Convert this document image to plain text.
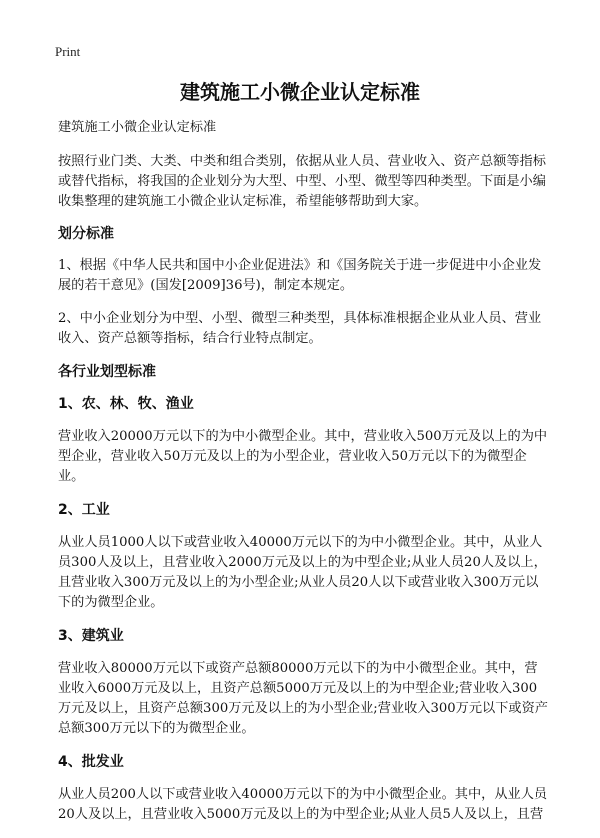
Print
建筑施工小微企业认定标准

建筑施工小微企业认定标准

按照行业门类、大类、中类和组合类别，依据从业人员、营业收入、资产总额等指标或替代指标，将我国的企业划分为大型、中型、小型、微型等四种类型。下面是小编收集整理的建筑施工小微企业认定标准，希望能够帮助到大家。

划分标准

1、根据《中华人民共和国中小企业促进法》和《国务院关于进一步促进中小企业发展的若干意见》(国发[2009]36号)，制定本规定。

2、中小企业划分为中型、小型、微型三种类型，具体标准根据企业从业人员、营业收入、资产总额等指标，结合行业特点制定。

各行业划型标准
1、农、林、牧、渔业

营业收入20000万元以下的为中小微型企业。其中，营业收入500万元及以上的为中型企业，营业收入50万元及以上的为小型企业，营业收入50万元以下的为微型企业。

2、工业

从业人员1000人以下或营业收入40000万元以下的为中小微型企业。其中，从业人员300人及以上，且营业收入2000万元及以上的为中型企业;从业人员20人及以上，且营业收入300万元及以上的为小型企业;从业人员20人以下或营业收入300万元以下的为微型企业。

3、建筑业

营业收入80000万元以下或资产总额80000万元以下的为中小微型企业。其中，营业收入6000万元及以上，且资产总额5000万元及以上的为中型企业;营业收入300万元及以上，且资产总额300万元及以上的为小型企业;营业收入300万元以下或资产总额300万元以下的为微型企业。

4、批发业

从业人员200人以下或营业收入40000万元以下的为中小微型企业。其中，从业人员20人及以上，且营业收入5000万元及以上的为中型企业;从业人员5人及以上，且营
